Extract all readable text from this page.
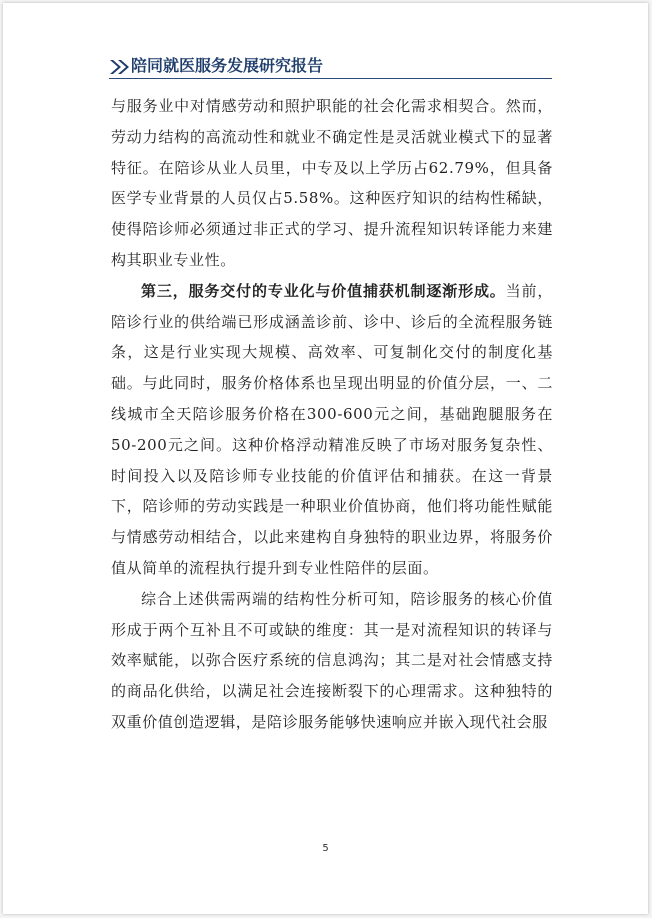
陪同就医服务发展研究报告

与服务业中对情感劳动和照护职能的社会化需求相契合。然而，劳动力结构的高流动性和就业不确定性是灵活就业模式下的显著特征。在陪诊从业人员里，中专及以上学历占62.79%，但具备医学专业背景的人员仅占5.58%。这种医疗知识的结构性稀缺，使得陪诊师必须通过非正式的学习、提升流程知识转译能力来建构其职业专业性。

第三，服务交付的专业化与价值捕获机制逐渐形成。当前，陪诊行业的供给端已形成涵盖诊前、诊中、诊后的全流程服务链条，这是行业实现大规模、高效率、可复制化交付的制度化基础。与此同时，服务价格体系也呈现出明显的价值分层，一、二线城市全天陪诊服务价格在300-600元之间，基础跑腿服务在50-200元之间。这种价格浮动精准反映了市场对服务复杂性、时间投入以及陪诊师专业技能的价值评估和捕获。在这一背景下，陪诊师的劳动实践是一种职业价值协商，他们将功能性赋能与情感劳动相结合，以此来建构自身独特的职业边界，将服务价值从简单的流程执行提升到专业性陪伴的层面。

综合上述供需两端的结构性分析可知，陪诊服务的核心价值形成于两个互补且不可或缺的维度：其一是对流程知识的转译与效率赋能，以弥合医疗系统的信息鸿沟；其二是对社会情感支持的商品化供给，以满足社会连接断裂下的心理需求。这种独特的双重价值创造逻辑，是陪诊服务能够快速响应并嵌入现代社会服

5
